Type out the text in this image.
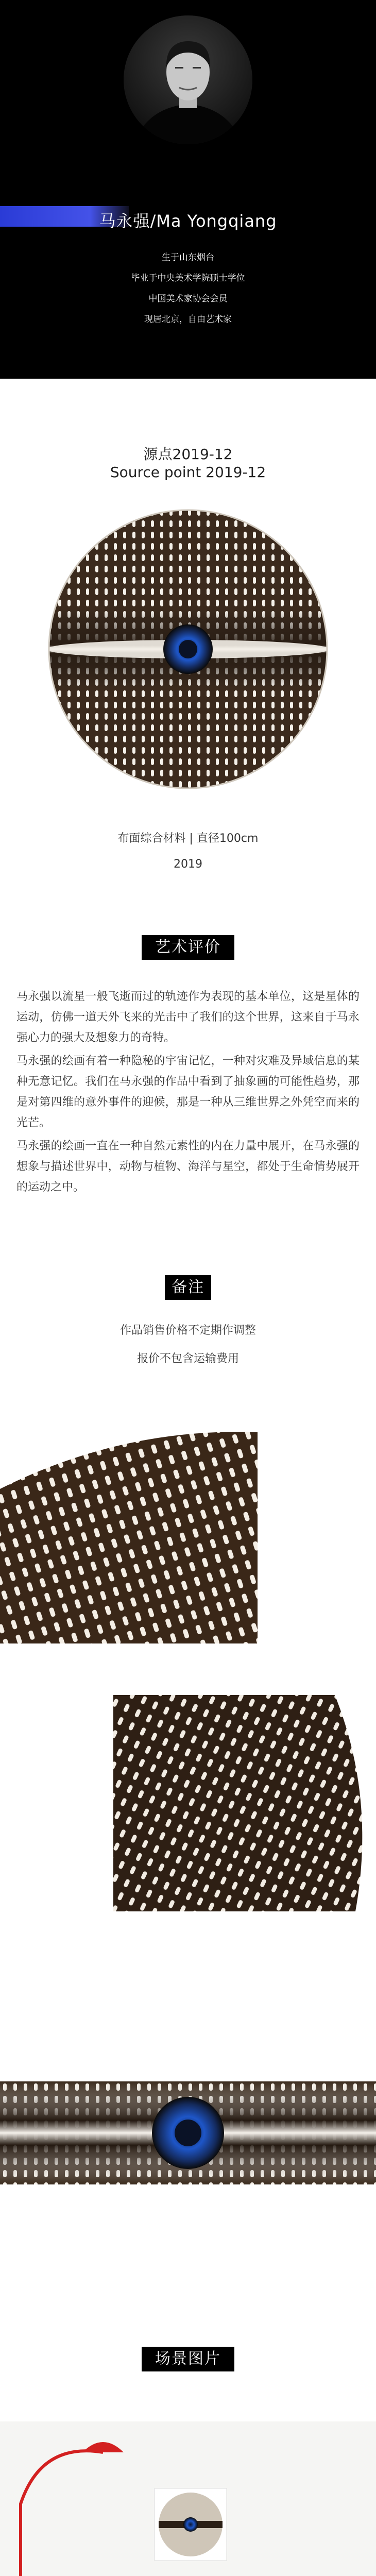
马永强/Ma Yongqiang
生于山东烟台
毕业于中央美术学院硕士学位
中国美术家协会会员
现居北京，自由艺术家
源点2019-12
Source point 2019-12
布面综合材料 | 直径100cm
2019
艺术评价
马永强以流星一般飞逝而过的轨迹作为表现的基本单位，这是星体的运动，仿佛一道天外飞来的光击中了我们的这个世界，这来自于马永强心力的强大及想象力的奇特。
马永强的绘画有着一种隐秘的宇宙记忆，一种对灾难及异域信息的某种无意记忆。我们在马永强的作品中看到了抽象画的可能性趋势，那是对第四维的意外事件的迎候，那是一种从三维世界之外凭空而来的光芒。
马永强的绘画一直在一种自然元素性的内在力量中展开，在马永强的想象与描述世界中，动物与植物、海洋与星空，都处于生命情势展开的运动之中。
备注
作品销售价格不定期作调整
报价不包含运输费用
场景图片
